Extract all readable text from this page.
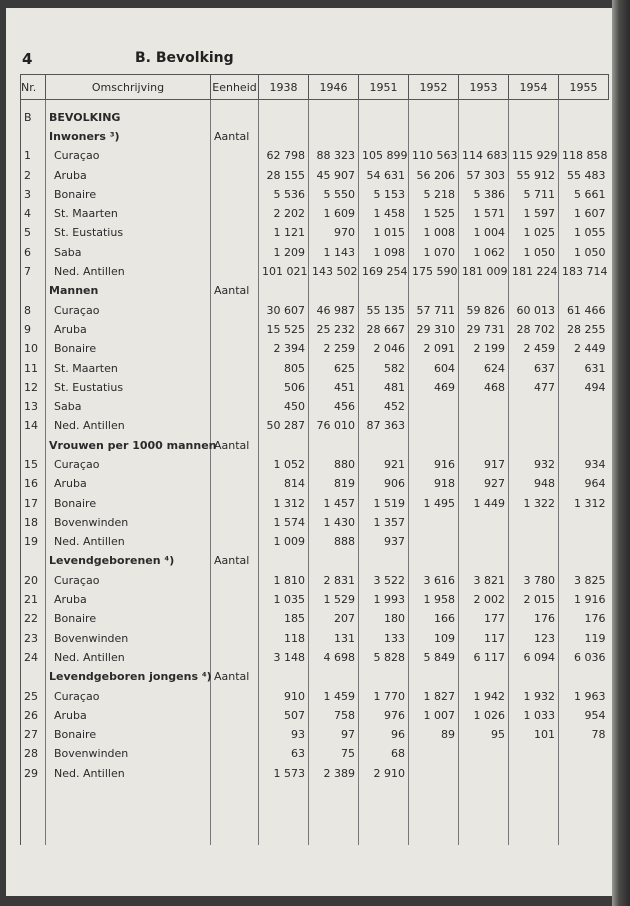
4	B. Bevolking
Nr.	Omschrijving	Eenheid	1938	1946	1951	1952	1953	1954	1955

B	BEVOLKING								
	Inwoners ³)	Aantal							
1	Curaçao		62 798	88 323	105 899	110 563	114 683	115 929	118 858
2	Aruba		28 155	45 907	54 631	56 206	57 303	55 912	55 483
3	Bonaire		5 536	5 550	5 153	5 218	5 386	5 711	5 661
4	St. Maarten		2 202	1 609	1 458	1 525	1 571	1 597	1 607
5	St. Eustatius		1 121	970	1 015	1 008	1 004	1 025	1 055
6	Saba		1 209	1 143	1 098	1 070	1 062	1 050	1 050
7	Ned. Antillen		101 021	143 502	169 254	175 590	181 009	181 224	183 714
	Mannen	Aantal							
8	Curaçao		30 607	46 987	55 135	57 711	59 826	60 013	61 466
9	Aruba		15 525	25 232	28 667	29 310	29 731	28 702	28 255
10	Bonaire		2 394	2 259	2 046	2 091	2 199	2 459	2 449
11	St. Maarten		805	625	582	604	624	637	631
12	St. Eustatius		506	451	481	469	468	477	494
13	Saba		450	456	452				
14	Ned. Antillen		50 287	76 010	87 363				
	Vrouwen per 1000 mannen	Aantal							
15	Curaçao		1 052	880	921	916	917	932	934
16	Aruba		814	819	906	918	927	948	964
17	Bonaire		1 312	1 457	1 519	1 495	1 449	1 322	1 312
18	Bovenwinden		1 574	1 430	1 357				
19	Ned. Antillen		1 009	888	937				
	Levendgeborenen ⁴)	Aantal							
20	Curaçao		1 810	2 831	3 522	3 616	3 821	3 780	3 825
21	Aruba		1 035	1 529	1 993	1 958	2 002	2 015	1 916
22	Bonaire		185	207	180	166	177	176	176
23	Bovenwinden		118	131	133	109	117	123	119
24	Ned. Antillen		3 148	4 698	5 828	5 849	6 117	6 094	6 036
	Levendgeboren jongens ⁴)	Aantal							
25	Curaçao		910	1 459	1 770	1 827	1 942	1 932	1 963
26	Aruba		507	758	976	1 007	1 026	1 033	954
27	Bonaire		93	97	96	89	95	101	78
28	Bovenwinden		63	75	68				
29	Ned. Antillen		1 573	2 389	2 910				
